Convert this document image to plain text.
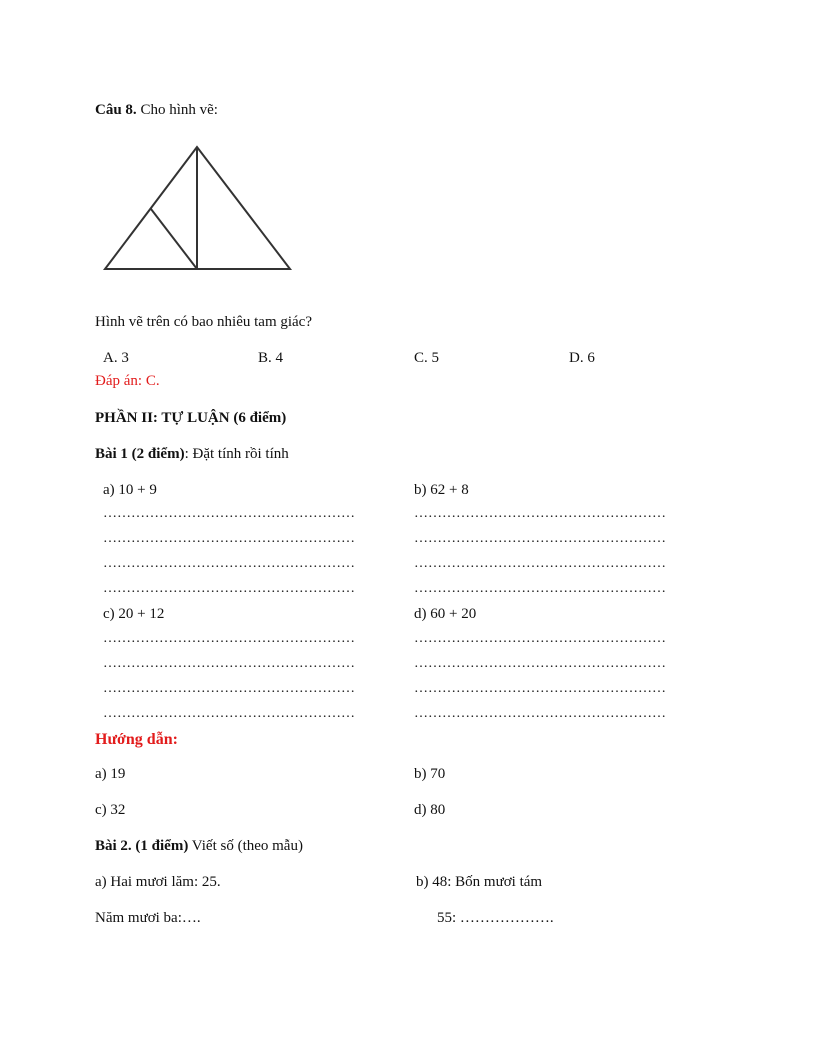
Câu 8. Cho hình vẽ:
Hình vẽ trên có bao nhiêu tam giác?
A. 3	B. 4	C. 5	D. 6
Đáp án: C.
PHẦN II: TỰ LUẬN (6 điểm)
Bài 1 (2 điểm): Đặt tính rồi tính
a) 10 + 9	b) 62 + 8
………………………………………………	………………………………………………
………………………………………………	………………………………………………
………………………………………………	………………………………………………
………………………………………………	………………………………………………
c) 20 + 12	d) 60 + 20
………………………………………………	………………………………………………
………………………………………………	………………………………………………
………………………………………………	………………………………………………
………………………………………………	………………………………………………
Hướng dẫn:
a) 19	b) 70
c) 32	d) 80
Bài 2. (1 điểm) Viết số (theo mẫu)
a) Hai mươi lăm: 25.	b) 48: Bốn mươi tám
Năm mươi ba:….	55: ……………….
